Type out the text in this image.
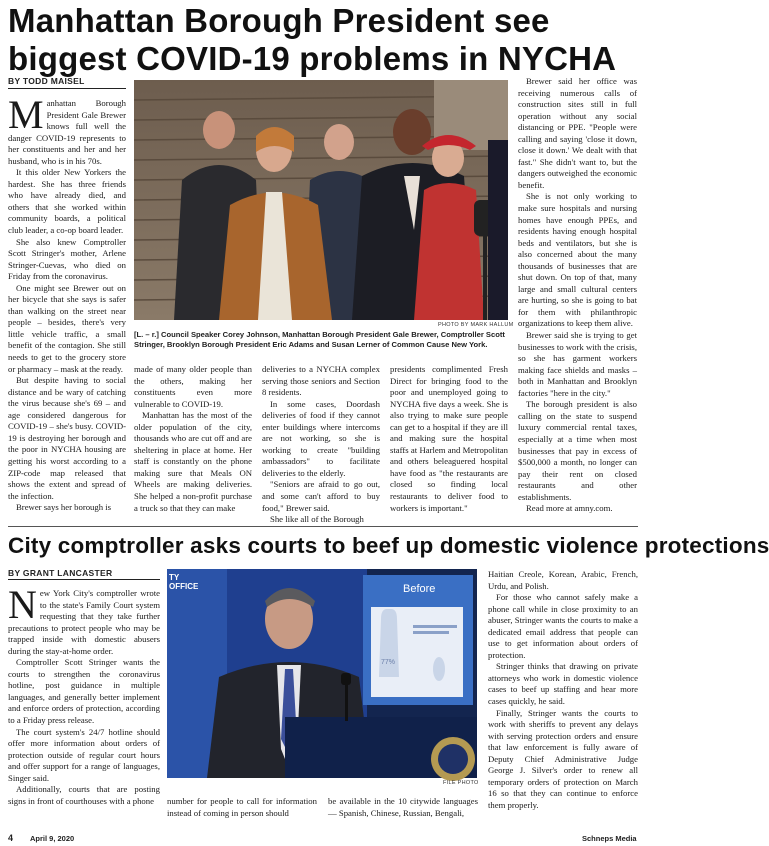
Manhattan Borough President see biggest COVID-19 problems in NYCHA
BY TODD MAISEL

Manhattan Borough President Gale Brewer knows full well the danger COVID-19 represents to her constituents and her and her husband, who is in his 70s.

It this older New Yorkers the hardest. She has three friends who have already died, and others that she worked within community boards, a political club leader, a co-op board leader.

She also knew Comptroller Scott Stringer's mother, Arlene Stringer-Cuevas, who died on Friday from the coronavirus.

One might see Brewer out on her bicycle that she says is safer than walking on the street near people – besides, there's very little vehicle traffic, a small benefit of the contagion. She still needs to get to the grocery store or pharmacy – mask at the ready.

But despite having to social distance and be wary of catching the virus because she's 69 – and age considered dangerous for COVID-19 – she's busy. COVID-19 is destroying her borough and the poor in NYCHA housing are getting his worst according to a ZIP-code map released that shows the extent and spread of the infection.

Brewer says her borough is

PHOTO BY MARK HALLUM
[L. – r.] Council Speaker Corey Johnson, Manhattan Borough President Gale Brewer, Comptroller Scott Stringer, Brooklyn Borough President Eric Adams and Susan Lerner of Common Cause New York.

made of many older people than the others, making her constituents even more vulnerable to COVID-19.

Manhattan has the most of the older population of the city, thousands who are cut off and are sheltering in place at home. Her staff is constantly on the phone making sure that Meals ON Wheels are making deliveries. She helped a non-profit purchase a truck so that they can make

deliveries to a NYCHA complex serving those seniors and Section 8 residents.

In some cases, Doordash deliveries of food if they cannot enter buildings where intercoms are not working, so she is working to create "building ambassadors" to facilitate deliveries to the elderly.

"Seniors are afraid to go out, and some can't afford to buy food," Brewer said.

She like all of the Borough

presidents complimented Fresh Direct for bringing food to the poor and unemployed going to NYCHA five days a week. She is also trying to make sure people can get to a hospital if they are ill and making sure the hospital staffs at Harlem and Metropolitan and others beleaguered hospital have food as "the restaurants are closed so finding local restaurants to deliver food to workers is important."

Brewer said her office was receiving numerous calls of construction sites still in full operation without any social distancing or PPE. "People were calling and saying 'close it down, close it down.' We dealt with that fast." She didn't want to, but the dangers outweighed the economic benefit.

She is not only working to make sure hospitals and nursing homes have enough PPEs, and residents having enough hospital beds and ventilators, but she is also concerned about the many thousands of businesses that are shut down. On top of that, many large and small cultural centers are hurting, so she is going to bat for them with philanthropic organizations to keep them alive.

Brewer said she is trying to get businesses to work with the crisis, so she has garment workers making face shields and masks – both in Manhattan and Brooklyn factories "here in the city."

The borough president is also calling on the state to suspend luxury commercial rental taxes, especially at a time when most businesses that pay in excess of $500,000 a month, no longer can pay their rent on closed restaurants and other establishments.

Read more at amny.com.

City comptroller asks courts to beef up domestic violence protections
BY GRANT LANCASTER

New York City's comptroller wrote to the state's Family Court system requesting that they take further precautions to protect people who may be trapped inside with domestic abusers during the stay-at-home order.

Comptroller Scott Stringer wants the courts to strengthen the coronavirus hotline, post guidance in multiple languages, and generally better implement and enforce orders of protection, according to a Friday press release.

The court system's 24/7 hotline should offer more information about orders of protection outside of regular court hours and offer support for a range of languages, Singer said.

Additionally, courts that are posting signs in front of courthouses with a phone

TY
OFFICE	Before
77%
FILE PHOTO

number for people to call for information instead of coming in person should

be available in the 10 citywide languages — Spanish, Chinese, Russian, Bengali,

Haitian Creole, Korean, Arabic, French, Urdu, and Polish.

For those who cannot safely make a phone call while in close proximity to an abuser, Stringer wants the courts to make a dedicated email address that people can use to get information about orders of protection.

Stringer thinks that drawing on private attorneys who work in domestic violence cases to beef up staffing and hear more cases quickly, he said.

Finally, Stringer wants the courts to work with sheriffs to prevent any delays with serving protection orders and ensure that law enforcement is fully aware of Deputy Chief Administrative Judge George J. Silver's order to renew all temporary orders of protection on March 16 so that they can continue to enforce them properly.

4 April 9, 2020	Schneps Media
